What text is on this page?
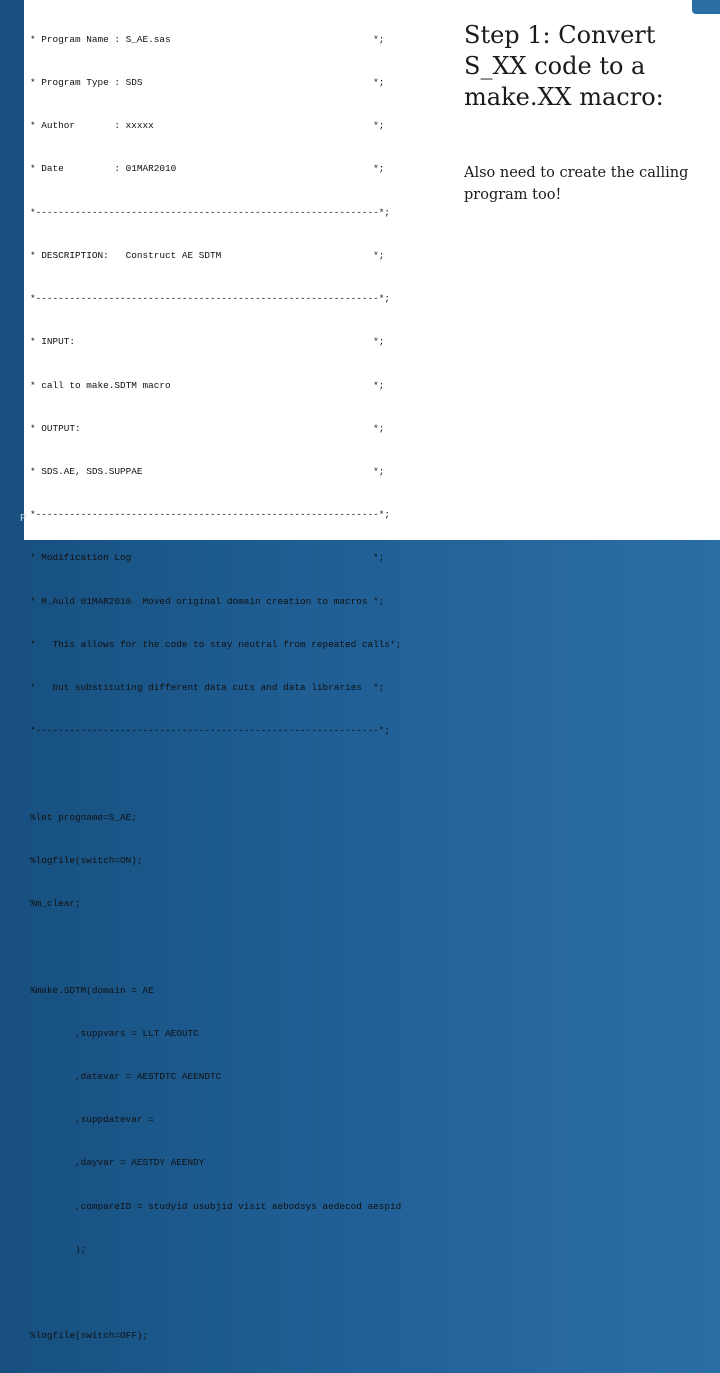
* Program Name : S_AE.sas                                    *;

* Program Type : SDS                                         *;

* Author       : xxxxx                                       *;

* Date         : 01MAR2010                                   *;

*-------------------------------------------------------------*;

* DESCRIPTION:   Construct AE SDTM                           *;

*-------------------------------------------------------------*;

* INPUT:                                                     *;

* call to make.SDTM macro                                    *;

* OUTPUT:                                                    *;

* SDS.AE, SDS.SUPPAE                                         *;

*-------------------------------------------------------------*;

* Modification Log                                           *;

* M.Auld 01MAR2010  Moved original domain creation to macros *;

*   This allows for the code to stay neutral from repeated calls*;

*   but substituting different data cuts and data libraries  *;

*-------------------------------------------------------------*;

%let progname=S_AE;

%logfile(switch=ON);

%m_clear;

%make.SDTM(domain = AE

,suppvars = LLT AEOUTC

,datevar = AESTDTC AEENDTC

,suppdatevar =

,dayvar = AESTDY AEENDY

,compareID = studyid usubjid visit aebodsys aedecod aespid

);

%logfile(switch=OFF);

Step 1: Convert S_XX code to a make.XX macro:

Also need to create the calling program too!

P
